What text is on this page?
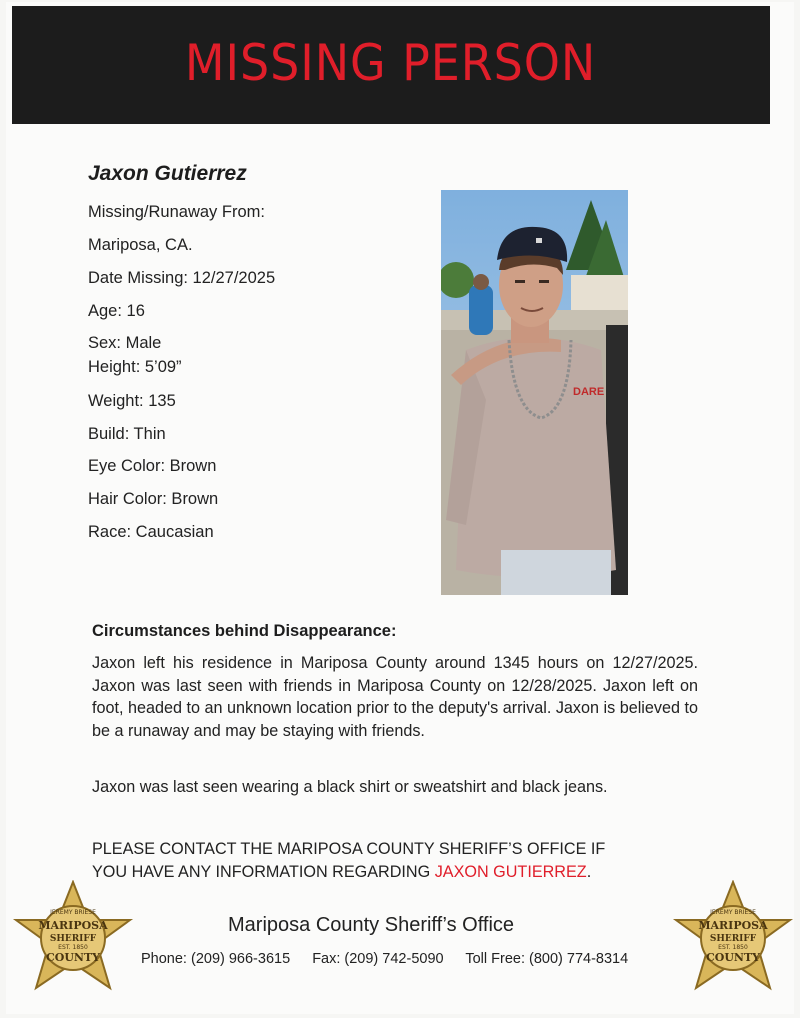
MISSING PERSON
Jaxon Gutierrez
Missing/Runaway From:
Mariposa, CA.
Date Missing: 12/27/2025
Age: 16
Sex: Male
Height: 5’09”
Weight: 135
Build: Thin
Eye Color: Brown
Hair Color: Brown
Race: Caucasian
DARE
Circumstances behind Disappearance:
Jaxon left his residence in Mariposa County around 1345 hours on 12/27/2025. Jaxon was last seen with friends in Mariposa County on 12/28/2025. Jaxon left on foot, headed to an unknown location prior to the deputy's arrival. Jaxon is believed to be a runaway and may be staying with friends.
Jaxon was last seen wearing a black shirt or sweatshirt and black jeans.
PLEASE CONTACT THE MARIPOSA COUNTY SHERIFF’S OFFICE IF
YOU HAVE ANY INFORMATION REGARDING JAXON GUTIERREZ.
Mariposa County Sheriff’s Office
Phone: (209) 966-3615 Fax: (209) 742-5090 Toll Free: (800) 774-8314
JEREMY BRIESE
MARIPOSA
SHERIFF
EST. 1850
COUNTY
JEREMY BRIESE
MARIPOSA
SHERIFF
EST. 1850
COUNTY
